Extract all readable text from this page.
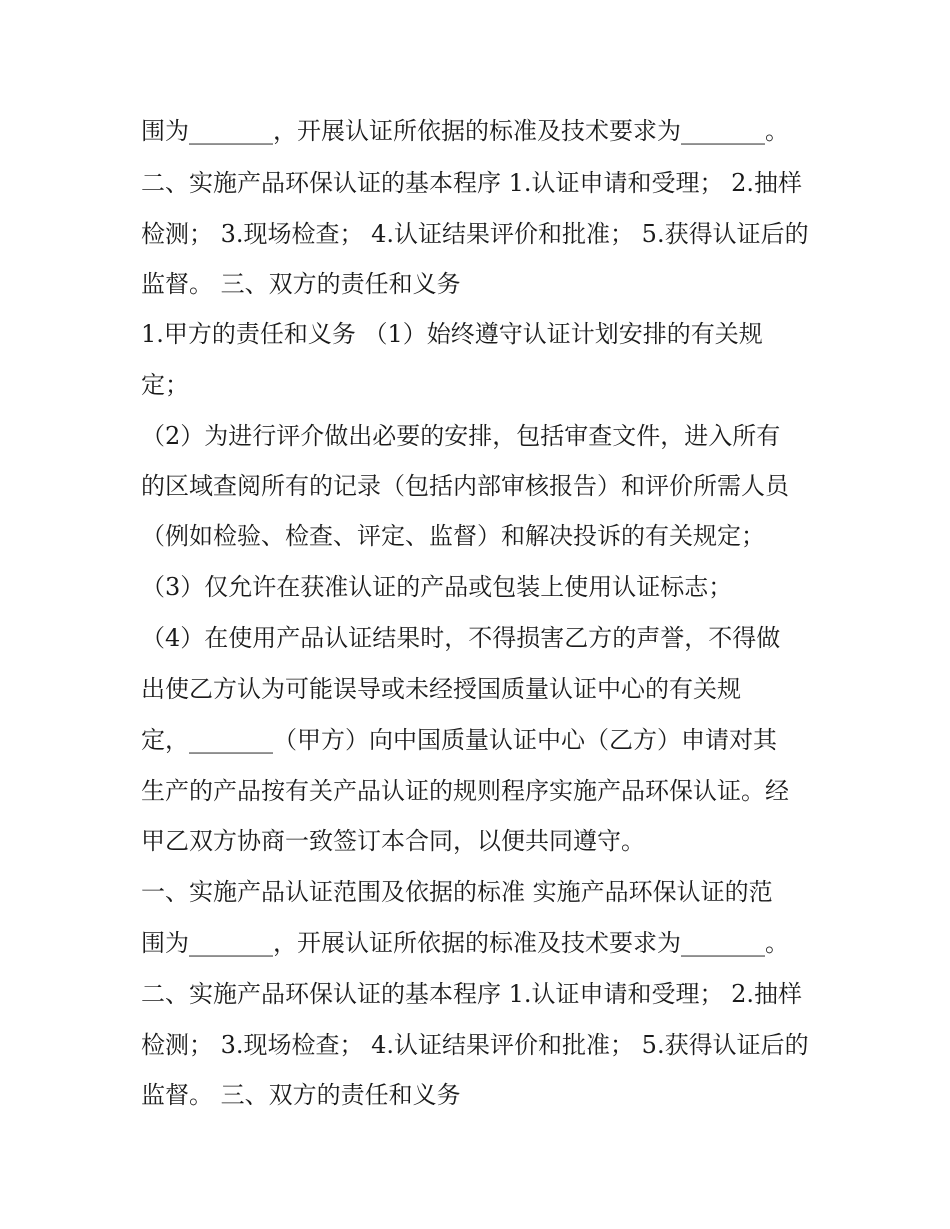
围为_______，开展认证所依据的标准及技术要求为_______。
二、实施产品环保认证的基本程序 1.认证申请和受理； 2.抽样
检测； 3.现场检查； 4.认证结果评价和批准； 5.获得认证后的
监督。 三、双方的责任和义务
1.甲方的责任和义务 （1）始终遵守认证计划安排的有关规
定；
（2）为进行评介做出必要的安排，包括审查文件，进入所有
的区域查阅所有的记录（包括内部审核报告）和评价所需人员
（例如检验、检查、评定、监督）和解决投诉的有关规定；
（3）仅允许在获准认证的产品或包装上使用认证标志；
（4）在使用产品认证结果时，不得损害乙方的声誉，不得做
出使乙方认为可能误导或未经授国质量认证中心的有关规
定，_______（甲方）向中国质量认证中心（乙方）申请对其
生产的产品按有关产品认证的规则程序实施产品环保认证。经
甲乙双方协商一致签订本合同，以便共同遵守。
一、实施产品认证范围及依据的标准 实施产品环保认证的范
围为_______，开展认证所依据的标准及技术要求为_______。
二、实施产品环保认证的基本程序 1.认证申请和受理； 2.抽样
检测； 3.现场检查； 4.认证结果评价和批准； 5.获得认证后的
监督。 三、双方的责任和义务
